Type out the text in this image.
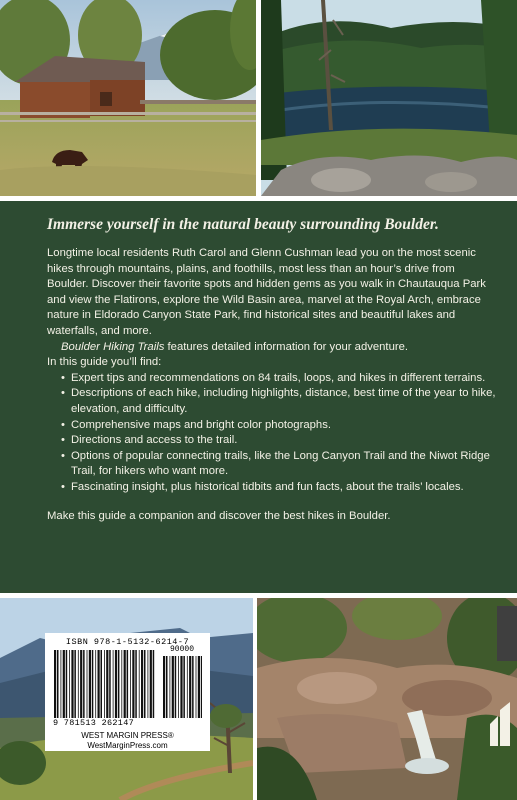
Immerse yourself in the natural beauty surrounding Boulder.

Longtime local residents Ruth Carol and Glenn Cushman lead you on the most scenic hikes through mountains, plains, and foothills, most less than an hour’s drive from Boulder. Discover their favorite spots and hidden gems as you walk in Chautauqua Park and view the Flatirons, explore the Wild Basin area, marvel at the Royal Arch, embrace nature in Eldorado Canyon State Park, find historical sites and beautiful lakes and waterfalls, and more.

Boulder Hiking Trails features detailed information for your adventure.

In this guide you’ll find:

• Expert tips and recommendations on 84 trails, loops, and hikes in different terrains.
• Descriptions of each hike, including highlights, distance, best time of the year to hike, elevation, and difficulty.
• Comprehensive maps and bright color photographs.
• Directions and access to the trail.
• Options of popular connecting trails, like the Long Canyon Trail and the Niwot Ridge Trail, for hikers who want more.
• Fascinating insight, plus historical tidbits and fun facts, about the trails’ locales.

Make this guide a companion and discover the best hikes in Boulder.

ISBN 978-1-5132-6214-7
90000
9 781513 262147
WEST MARGIN PRESS®
WestMarginPress.com
